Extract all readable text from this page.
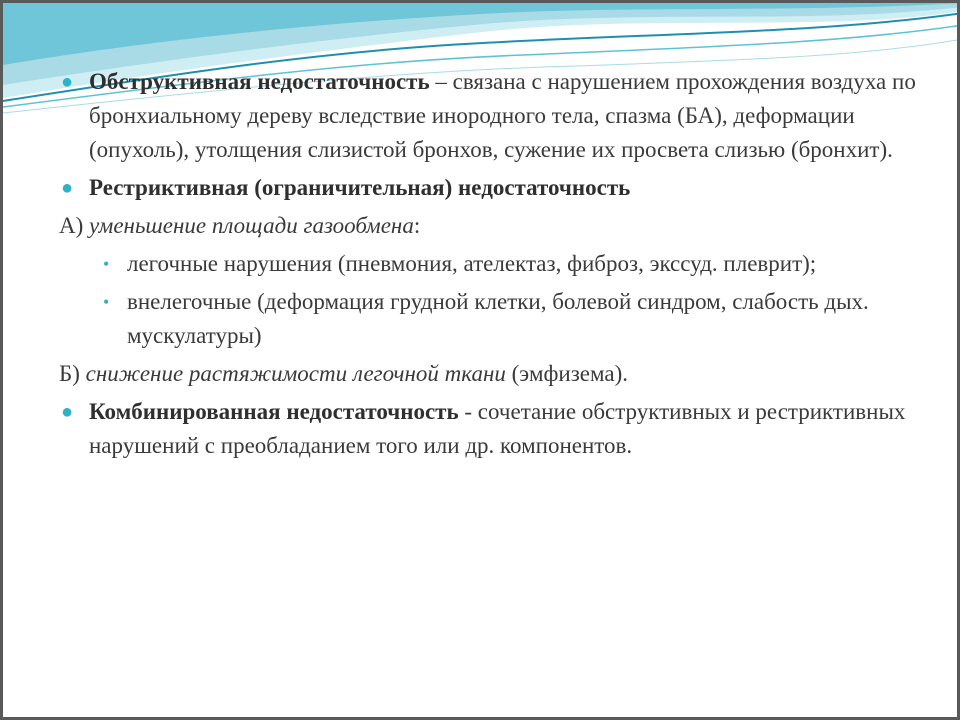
● Обструктивная недостаточность – связана с нарушением прохождения воздуха по бронхиальному дереву вследствие инородного тела, спазма (БА), деформации (опухоль), утолщения слизистой бронхов, сужение их просвета слизью (бронхит).
● Рестриктивная (ограничительная) недостаточность
А) уменьшение площади газообмена:
• легочные нарушения (пневмония, ателектаз, фиброз, экссуд. плеврит);
• внелегочные (деформация грудной клетки, болевой синдром, слабость дых. мускулатуры)
Б) снижение растяжимости легочной ткани (эмфизема).
● Комбинированная недостаточность - сочетание обструктивных и рестриктивных нарушений с преобладанием того или др. компонентов.
